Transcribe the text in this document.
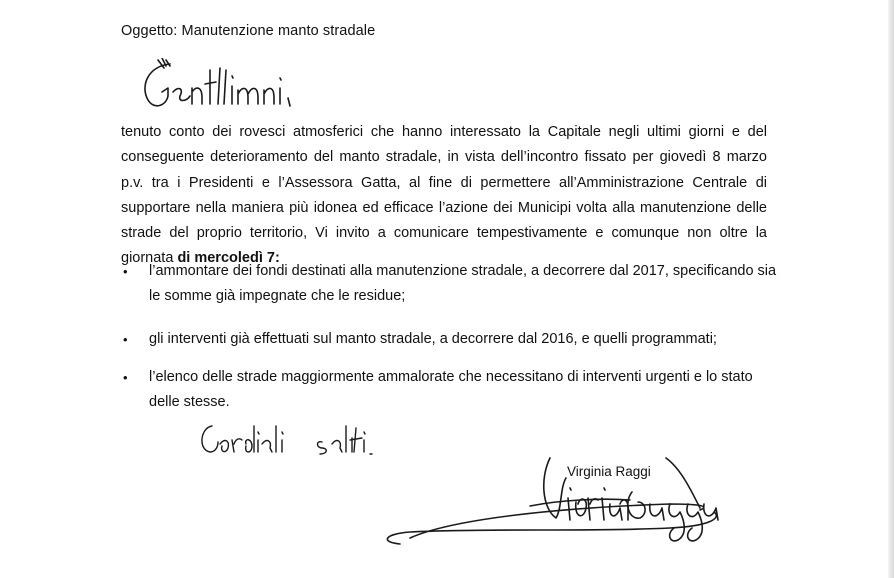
Oggetto: Manutenzione manto stradale
tenuto conto dei rovesci atmosferici che hanno interessato la Capitale negli ultimi giorni e del conseguente deterioramento del manto stradale, in vista dell’incontro fissato per giovedì 8 marzo p.v. tra i Presidenti e l’Assessora Gatta, al fine di permettere all’Amministrazione Centrale di supportare nella maniera più idonea ed efficace l’azione dei Municipi volta alla manutenzione delle strade del proprio territorio, Vi invito a comunicare tempestivamente e comunque non oltre la giornata di mercoledì 7:
• l’ammontare dei fondi destinati alla manutenzione stradale, a decorrere dal 2017, specificando sia le somme già impegnate che le residue;
• gli interventi già effettuati sul manto stradale, a decorrere dal 2016, e quelli programmati;
• l’elenco delle strade maggiormente ammalorate che necessitano di interventi urgenti e lo stato delle stesse.
Virginia Raggi
